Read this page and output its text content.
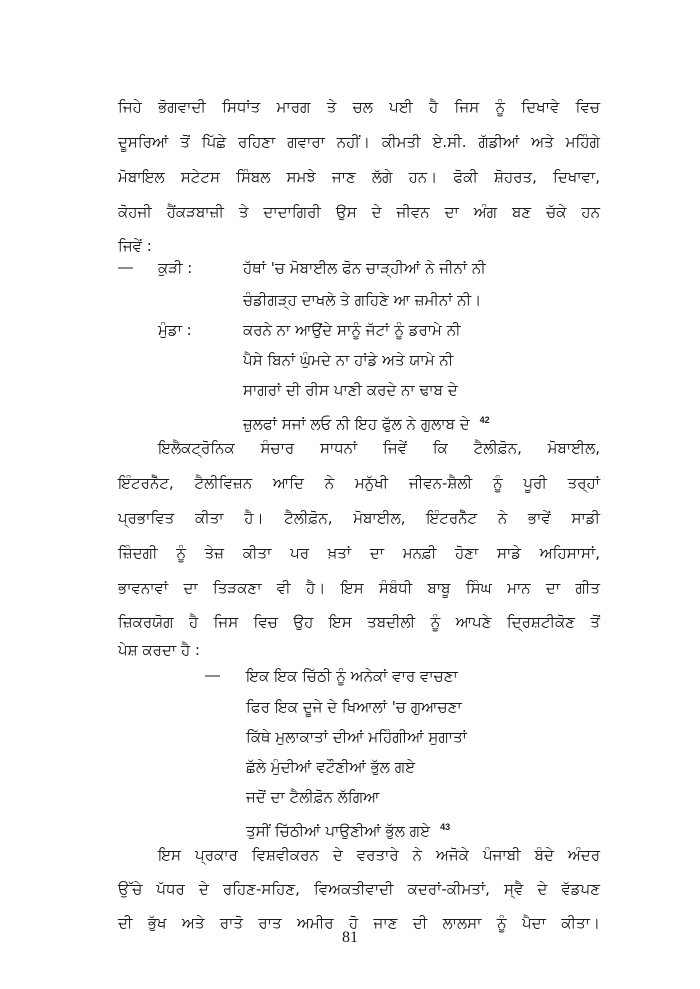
ਜਿਹੇ ਭੋਗਵਾਦੀ ਸਿਧਾਂਤ ਮਾਰਗ ਤੇ ਚਲ ਪਈ ਹੈ ਜਿਸ ਨੂੰ ਦਿਖਾਵੇ ਵਿਚ
ਦੂਸਰਿਆਂ ਤੋਂ ਪਿੱਛੇ ਰਹਿਣਾ ਗਵਾਰਾ ਨਹੀਂ। ਕੀਮਤੀ ਏ.ਸੀ. ਗੱਡੀਆਂ ਅਤੇ ਮਹਿੰਗੇ
ਮੋਬਾਇਲ ਸਟੇਟਸ ਸਿੰਬਲ ਸਮਝੇ ਜਾਣ ਲੱਗੇ ਹਨ। ਫੋਕੀ ਸ਼ੋਹਰਤ, ਦਿਖਾਵਾ,
ਕੋਹਜੀ ਹੈਂਕੜਬਾਜ਼ੀ ਤੇ ਦਾਦਾਗਿਰੀ ਉਸ ਦੇ ਜੀਵਨ ਦਾ ਅੰਗ ਬਣ ਚੱਕੇ ਹਨ
ਜਿਵੇਂ :
— ਕੁੜੀ :	ਹੱਥਾਂ 'ਚ ਮੋਬਾਈਲ ਫੋਨ ਚਾੜ੍ਹੀਆਂ ਨੇ ਜੀਨਾਂ ਨੀ
ਚੰਡੀਗੜ੍ਹ ਦਾਖਲੇ ਤੇ ਗਹਿਣੇ ਆ ਜ਼ਮੀਨਾਂ ਨੀ।
ਮੁੰਡਾ :	ਕਰਨੇ ਨਾ ਆਉਂਦੇ ਸਾਨੂੰ ਜੱਟਾਂ ਨੂੰ ਡਰਾਮੇ ਨੀ
ਪੈਸੇ ਬਿਨਾਂ ਘੁੰਮਦੇ ਨਾ ਹਾਂਡੇ ਅਤੇ ਯਾਮੇ ਨੀ
ਸਾਗਰਾਂ ਦੀ ਰੀਸ ਪਾਣੀ ਕਰਦੇ ਨਾ ਢਾਬ ਦੇ
ਜ਼ੁਲਫਾਂ ਸਜਾਂ ਲਓ ਨੀ ਇਹ ਫੁੱਲ ਨੇ ਗੁਲਾਬ ਦੇ $^{42}$
ਇਲੈਕਟ੍ਰੋਨਿਕ ਸੰਚਾਰ ਸਾਧਨਾਂ ਜਿਵੇਂ ਕਿ ਟੈਲੀਫ਼ੋਨ, ਮੋਬਾਈਲ,
ਇੰਟਰਨੈੱਟ, ਟੈਲੀਵਿਜ਼ਨ ਆਦਿ ਨੇ ਮਨੁੱਖੀ ਜੀਵਨ-ਸ਼ੈਲੀ ਨੂੰ ਪੂਰੀ ਤਰ੍ਹਾਂ
ਪ੍ਰਭਾਵਿਤ ਕੀਤਾ ਹੈ। ਟੈਲੀਫ਼ੋਨ, ਮੋਬਾਈਲ, ਇੰਟਰਨੈੱਟ ਨੇ ਭਾਵੇਂ ਸਾਡੀ
ਜ਼ਿੰਦਗੀ ਨੂੰ ਤੇਜ਼ ਕੀਤਾ ਪਰ ਖ਼ਤਾਂ ਦਾ ਮਨਫ਼ੀ ਹੋਣਾ ਸਾਡੇ ਅਹਿਸਾਸਾਂ,
ਭਾਵਨਾਵਾਂ ਦਾ ਤਿੜਕਣਾ ਵੀ ਹੈ। ਇਸ ਸੰਬੰਧੀ ਬਾਬੂ ਸਿੰਘ ਮਾਨ ਦਾ ਗੀਤ
ਜ਼ਿਕਰਯੋਗ ਹੈ ਜਿਸ ਵਿਚ ਉਹ ਇਸ ਤਬਦੀਲੀ ਨੂੰ ਆਪਣੇ ਦ੍ਰਿਸ਼ਟੀਕੋਣ ਤੋਂ
ਪੇਸ਼ ਕਰਦਾ ਹੈ :
— ਇਕ ਇਕ ਚਿੱਠੀ ਨੂੰ ਅਨੇਕਾਂ ਵਾਰ ਵਾਚਣਾ
ਫਿਰ ਇਕ ਦੂਜੇ ਦੇ ਖਿਆਲਾਂ 'ਚ ਗੁਆਚਣਾ
ਕਿੱਥੇ ਮੁਲਾਕਾਤਾਂ ਦੀਆਂ ਮਹਿੰਗੀਆਂ ਸੁਗਾਤਾਂ
ਛੱਲੇ ਮੁੰਦੀਆਂ ਵਟੌਣੀਆਂ ਭੁੱਲ ਗਏ
ਜਦੋਂ ਦਾ ਟੈਲੀਫ਼ੋਨ ਲੱਗਿਆ
ਤੁਸੀਂ ਚਿੱਠੀਆਂ ਪਾਉਣੀਆਂ ਭੁੱਲ ਗਏ $^{43}$
ਇਸ ਪ੍ਰਕਾਰ ਵਿਸ਼ਵੀਕਰਨ ਦੇ ਵਰਤਾਰੇ ਨੇ ਅਜੋਕੇ ਪੰਜਾਬੀ ਬੰਦੇ ਅੰਦਰ
ਉੱਚੇ ਪੱਧਰ ਦੇ ਰਹਿਣ-ਸਹਿਣ, ਵਿਅਕਤੀਵਾਦੀ ਕਦਰਾਂ-ਕੀਮਤਾਂ, ਸ੍ਵੈ ਦੇ ਵੱਡਪਣ
ਦੀ ਭੁੱਖ ਅਤੇ ਰਾਤੋ ਰਾਤ ਅਮੀਰ ਹੋ ਜਾਣ ਦੀ ਲਾਲਸਾ ਨੂੰ ਪੈਦਾ ਕੀਤਾ।
81
